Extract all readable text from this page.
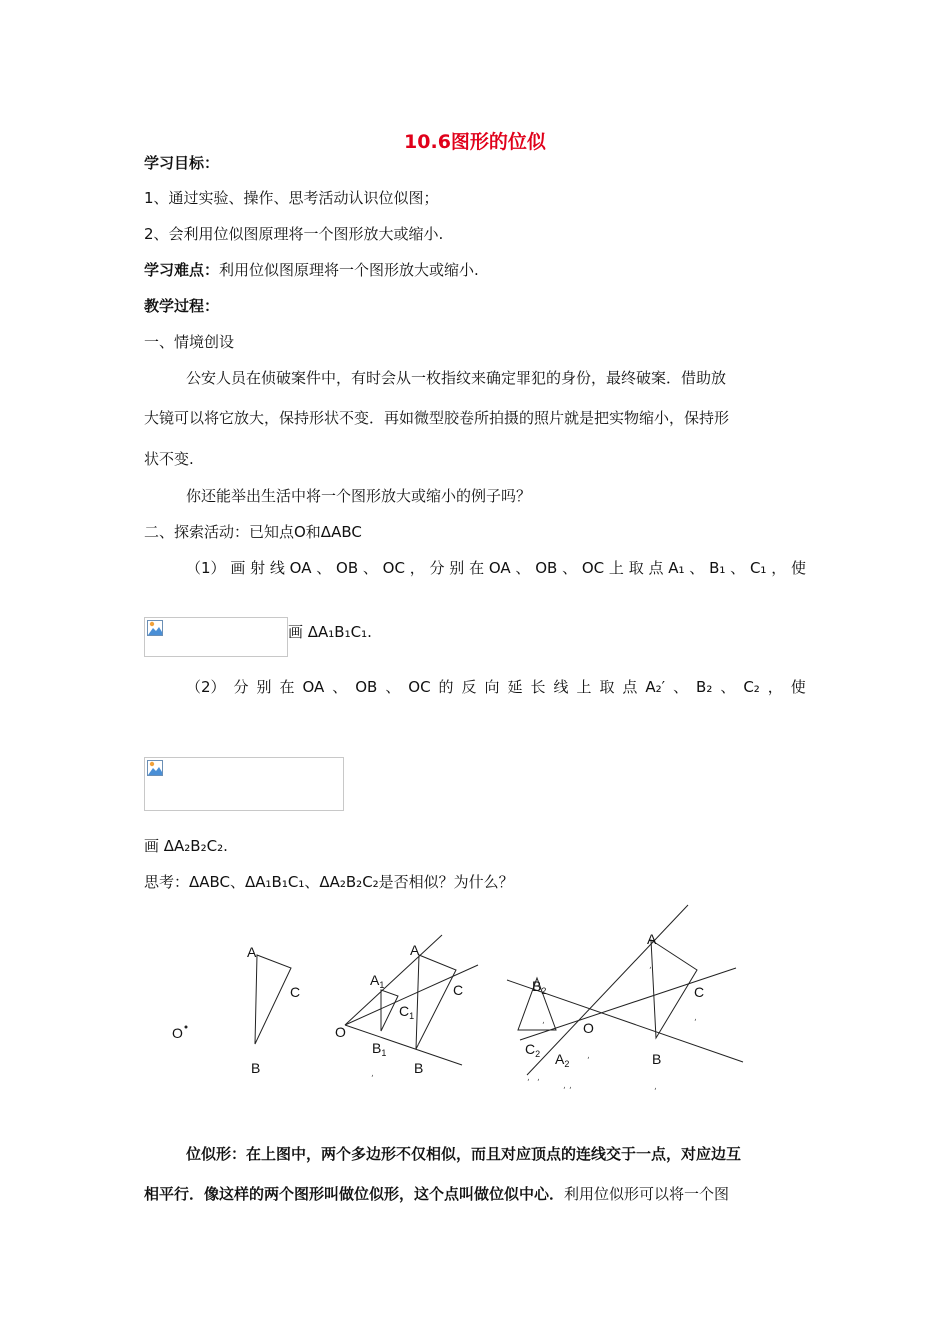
10.6图形的位似
学习目标：
1、通过实验、操作、思考活动认识位似图；
2、会利用位似图原理将一个图形放大或缩小.
学习难点：利用位似图原理将一个图形放大或缩小.
教学过程：
一、情境创设
公安人员在侦破案件中，有时会从一枚指纹来确定罪犯的身份，最终破案．借助放
大镜可以将它放大，保持形状不变．再如微型胶卷所拍摄的照片就是把实物缩小，保持形
状不变.
你还能举出生活中将一个图形放大或缩小的例子吗？
二、探索活动：已知点O和ΔABC
（1） 画 射 线 OA 、 OB 、 OC ， 分 别 在 OA 、 OB 、 OC 上 取 点 A₁ 、 B₁ 、 C₁ ， 使
画 ΔA₁B₁C₁.
（2） 分 别 在 OA 、 OB 、 OC 的 反 向 延 长 线 上 取 点 A₂′ 、 B₂ 、 C₂ ， 使
画 ΔA₂B₂C₂.
思考：ΔABC、ΔA₁B₁C₁、ΔA₂B₂C₂是否相似？为什么？
A
C
B
O
A
C
B
O
$A_1$
$C_1$
$B_1$
A
C
B
O
$B_2$
$C_2$ $A_2$
,
,
, ,
, ,
,
,
,
,
,
位似形：在上图中，两个多边形不仅相似，而且对应顶点的连线交于一点，对应边互
相平行．像这样的两个图形叫做位似形，这个点叫做位似中心．利用位似形可以将一个图
